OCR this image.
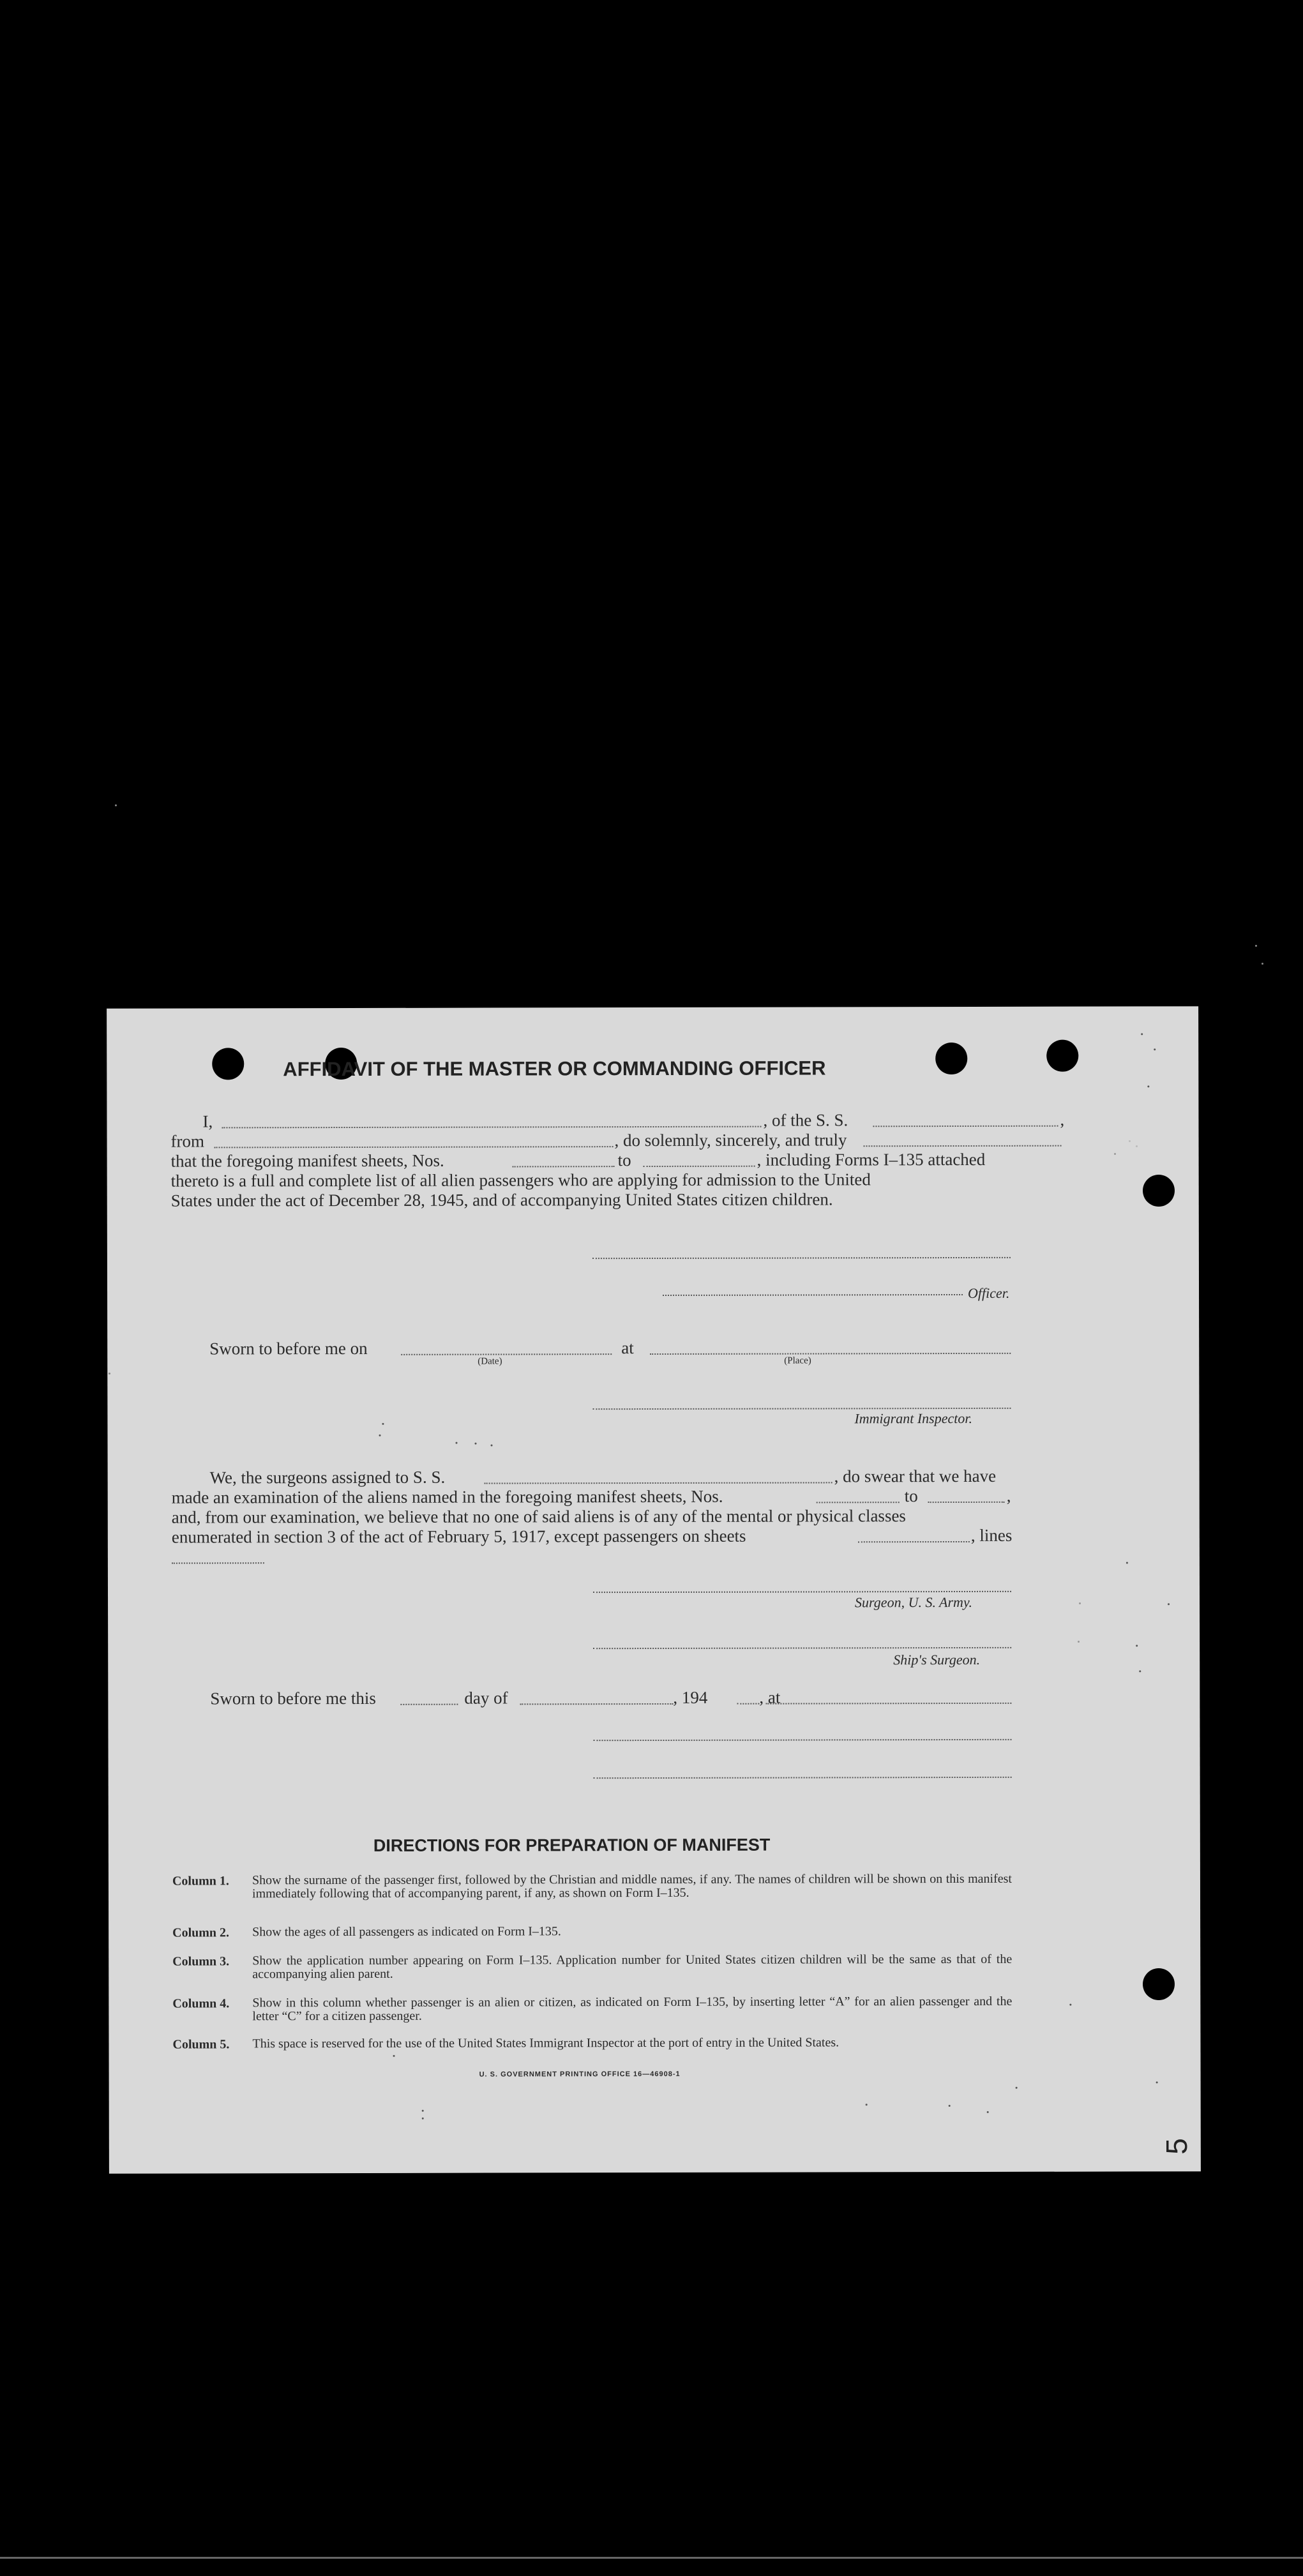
AFFIDAVIT OF THE MASTER OR COMMANDING OFFICER
I,	, of the S. S.	,
from	, do solemnly, sincerely, and truly
that the foregoing manifest sheets, Nos.	to	, including Forms I–135 attached
thereto is a full and complete list of all alien passengers who are applying for admission to the United
States under the act of December 28, 1945, and of accompanying United States citizen children.
Officer.
Sworn to before me on
(Date)
at
(Place)
Immigrant Inspector.
We, the surgeons assigned to S. S.	, do swear that we have
made an examination of the aliens named in the foregoing manifest sheets, Nos.	to	,
and, from our examination, we believe that no one of said aliens is of any of the mental or physical classes
enumerated in section 3 of the act of February 5, 1917, except passengers on sheets	, lines
Surgeon, U. S. Army.
Ship's Surgeon.
Sworn to before me this	day of	, 194	, at
DIRECTIONS FOR PREPARATION OF MANIFEST
Column 1. Show the surname of the passenger first, followed by the Christian and middle names, if any. The names of children will be shown on this manifest immediately following that of accompanying parent, if any, as shown on Form I–135.
Column 2. Show the ages of all passengers as indicated on Form I–135.
Column 3. Show the application number appearing on Form I–135. Application number for United States citizen children will be the same as that of the accompanying alien parent.
Column 4. Show in this column whether passenger is an alien or citizen, as indicated on Form I–135, by inserting letter “A” for an alien passenger and the letter “C” for a citizen passenger.
Column 5. This space is reserved for the use of the United States Immigrant Inspector at the port of entry in the United States.
U. S. GOVERNMENT PRINTING OFFICE 16—46908-1
5
